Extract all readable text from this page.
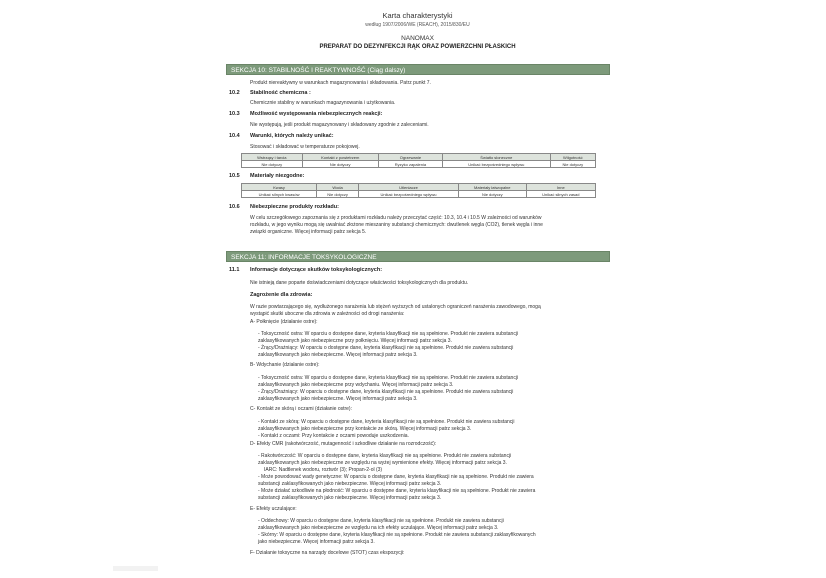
Karta charakterystyki
według 1907/2006/WE (REACH), 2015/830/EU
NANOMAX
PREPARAT DO DEZYNFEKCJI RĄK ORAZ POWIERZCHNI PŁASKICH
SEKCJA 10: STABILNOŚĆ I REAKTYWNOŚĆ (Ciąg dalszy)
Produkt niereaktywny w warunkach magazynowania i składowania. Patrz punkt 7.
10.2 Stabilność chemiczna :
Chemicznie stabilny w warunkach magazynowania i użytkowania.
10.3 Możliwość występowania niebezpiecznych reakcji:
Nie występują, jeśli produkt magazynowany i składowany zgodnie z zaleceniami.
10.4 Warunki, których należy unikać:
Stosować i składować w temperaturze pokojowej.
Wstrząsy i tarcia	Kontakt z powietrzem	Ogrzewanie	Światło słoneczne	Wilgotność
Nie dotyczy	Nie dotyczy	Ryzyko zapalenia	Unikać bezpośredniego wpływu	Nie dotyczy
10.5 Materiały niezgodne:
Kwasy	Woda	Utleniacze	Materiały łatwopalne	Inne
Unikać silnych kwasów	Nie dotyczy	Unikać bezpośredniego wpływu	Nie dotyczy	Unikać silnych zasad
10.6 Niebezpieczne produkty rozkładu:
W celu szczegółowego zapoznania się z produktami rozkładu należy przeczytać część: 10.3, 10.4 i 10.5 W zależności od warunków
rozkładu, w jego wyniku mogą się uwalniać złożone mieszaniny substancji chemicznych: dwutlenek węgla (CO2), tlenek węgla i inne
związki organiczne. Więcej informacji patrz sekcja 5.
SEKCJA 11: INFORMACJE TOKSYKOLOGICZNE
11.1 Informacje dotyczące skutków toksykologicznych:
Nie istnieją dane poparte doświadczeniami dotyczące właściwości toksykologicznych dla produktu.
Zagrożenie dla zdrowia:
W razie powtarzającego się, wydłużonego narażenia lub stężeń wyższych od ustalonych ograniczeń narażenia zawodowego, mogą
wystąpić skutki uboczne dla zdrowia w zależności od drogi narażenia:
A- Połknięcie (działanie ostre):
- Toksyczność ostra: W oparciu o dostępne dane, kryteria klasyfikacji nie są spełnione. Produkt nie zawiera substancji
zaklasyfikowanych jako niebezpieczne przy połknięciu. Więcej informacji patrz sekcja 3.
- Żrący/Drażniący: W oparciu o dostępne dane, kryteria klasyfikacji nie są spełnione. Produkt nie zawiera substancji
zaklasyfikowanych jako niebezpieczne. Więcej informacji patrz sekcja 3.
B- Wdychanie (działanie ostre):
- Toksyczność ostra: W oparciu o dostępne dane, kryteria klasyfikacji nie są spełnione. Produkt nie zawiera substancji
zaklasyfikowanych jako niebezpieczne przy wdychaniu. Więcej informacji patrz sekcja 3.
- Żrący/Drażniący: W oparciu o dostępne dane, kryteria klasyfikacji nie są spełnione. Produkt nie zawiera substancji
zaklasyfikowanych jako niebezpieczne. Więcej informacji patrz sekcja 3.
C- Kontakt ze skórą i oczami (działanie ostre):
- Kontakt ze skórą: W oparciu o dostępne dane, kryteria klasyfikacji nie są spełnione. Produkt nie zawiera substancji
zaklasyfikowanych jako niebezpieczne przy kontakcie ze skórą. Więcej informacji patrz sekcja 3.
- Kontakt z oczami: Przy kontakcie z oczami powoduje uszkodzenia.
D- Efekty CMR (rakotwórczość, mutagenność i szkodliwe działanie na rozrodczość):
- Rakotwórczość: W oparciu o dostępne dane, kryteria klasyfikacji nie są spełnione. Produkt nie zawiera substancji
zaklasyfikowanych jako niebezpieczne ze względu na wyżej wymienione efekty. Więcej informacji patrz sekcja 3.
IARC: Nadtlenek wodoru, roztwór (3); Propan-2-ol (3)
- Może powodować wady genetyczne: W oparciu o dostępne dane, kryteria klasyfikacji nie są spełnione. Produkt nie zawiera
substancji zaklasyfikowanych jako niebezpieczne. Więcej informacji patrz sekcja 3.
- Może działać szkodliwie na płodność: W oparciu o dostępne dane, kryteria klasyfikacji nie są spełnione. Produkt nie zawiera
substancji zaklasyfikowanych jako niebezpieczne. Więcej informacji patrz sekcja 3.
E- Efekty uczulające:
- Oddechowy: W oparciu o dostępne dane, kryteria klasyfikacji nie są spełnione. Produkt nie zawiera substancji
zaklasyfikowanych jako niebezpieczne ze względu na ich efekty uczulające. Więcej informacji patrz sekcja 3.
- Skórny: W oparciu o dostępne dane, kryteria klasyfikacji nie są spełnione. Produkt nie zawiera substancji zaklasyfikowanych
jako niebezpieczne. Więcej informacji patrz sekcja 3.
F- Działanie toksyczne na narządy docelowe (STOT) czas ekspozycji:
